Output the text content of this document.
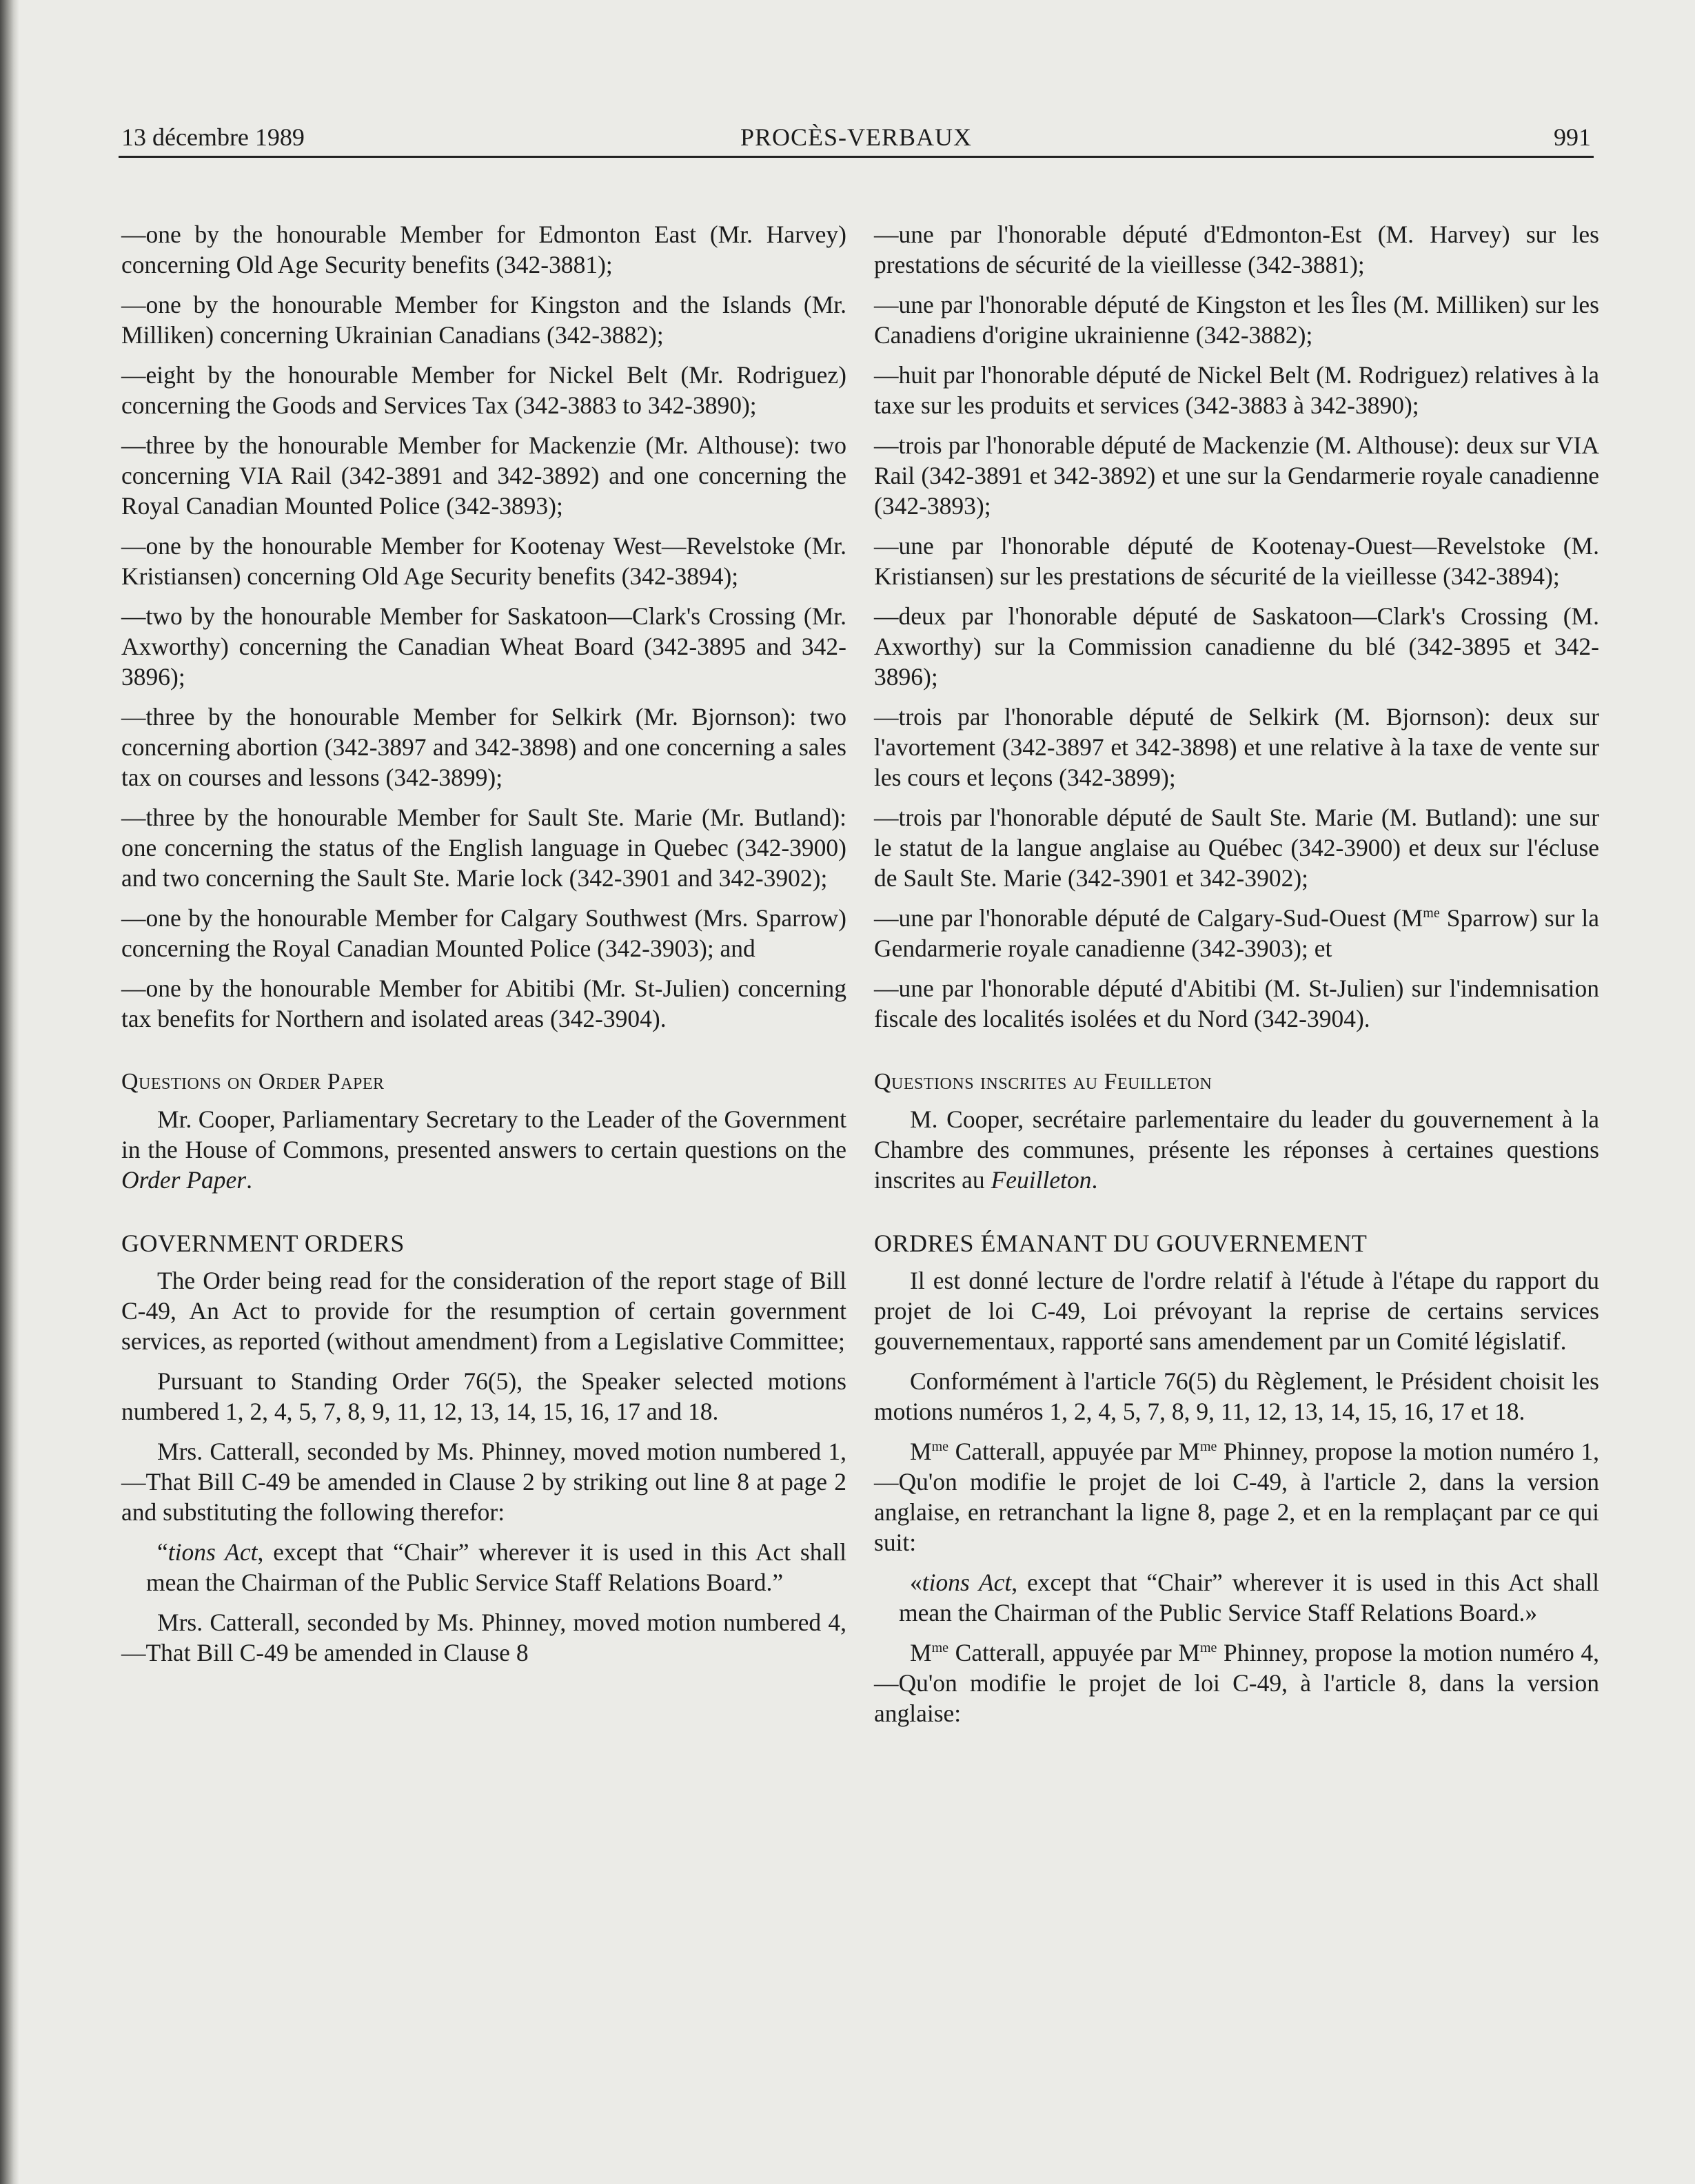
13 décembre 1989	PROCÈS-VERBAUX	991

—one by the honourable Member for Edmonton East (Mr. Harvey) concerning Old Age Security benefits (342-3881);

—one by the honourable Member for Kingston and the Islands (Mr. Milliken) concerning Ukrainian Canadians (342-3882);

—eight by the honourable Member for Nickel Belt (Mr. Rodriguez) concerning the Goods and Services Tax (342-3883 to 342-3890);

—three by the honourable Member for Mackenzie (Mr. Althouse): two concerning VIA Rail (342-3891 and 342-3892) and one concerning the Royal Canadian Mounted Police (342-3893);

—one by the honourable Member for Kootenay West—Revelstoke (Mr. Kristiansen) concerning Old Age Security benefits (342-3894);

—two by the honourable Member for Saskatoon—Clark's Crossing (Mr. Axworthy) concerning the Canadian Wheat Board (342-3895 and 342-3896);

—three by the honourable Member for Selkirk (Mr. Bjornson): two concerning abortion (342-3897 and 342-3898) and one concerning a sales tax on courses and lessons (342-3899);

—three by the honourable Member for Sault Ste. Marie (Mr. Butland): one concerning the status of the English language in Quebec (342-3900) and two concerning the Sault Ste. Marie lock (342-3901 and 342-3902);

—one by the honourable Member for Calgary Southwest (Mrs. Sparrow) concerning the Royal Canadian Mounted Police (342-3903); and

—one by the honourable Member for Abitibi (Mr. St-Julien) concerning tax benefits for Northern and isolated areas (342-3904).

Questions on Order Paper

Mr. Cooper, Parliamentary Secretary to the Leader of the Government in the House of Commons, presented answers to certain questions on the Order Paper.

GOVERNMENT ORDERS

The Order being read for the consideration of the report stage of Bill C-49, An Act to provide for the resumption of certain government services, as reported (without amendment) from a Legislative Committee;

Pursuant to Standing Order 76(5), the Speaker selected motions numbered 1, 2, 4, 5, 7, 8, 9, 11, 12, 13, 14, 15, 16, 17 and 18.

Mrs. Catterall, seconded by Ms. Phinney, moved motion numbered 1,—That Bill C-49 be amended in Clause 2 by striking out line 8 at page 2 and substituting the following therefor:

“tions Act, except that “Chair” wherever it is used in this Act shall mean the Chairman of the Public Service Staff Relations Board.”

Mrs. Catterall, seconded by Ms. Phinney, moved motion numbered 4,—That Bill C-49 be amended in Clause 8

—une par l'honorable député d'Edmonton-Est (M. Harvey) sur les prestations de sécurité de la vieillesse (342-3881);

—une par l'honorable député de Kingston et les Îles (M. Milliken) sur les Canadiens d'origine ukrainienne (342-3882);

—huit par l'honorable député de Nickel Belt (M. Rodriguez) relatives à la taxe sur les produits et services (342-3883 à 342-3890);

—trois par l'honorable député de Mackenzie (M. Althouse): deux sur VIA Rail (342-3891 et 342-3892) et une sur la Gendarmerie royale canadienne (342-3893);

—une par l'honorable député de Kootenay-Ouest—Revelstoke (M. Kristiansen) sur les prestations de sécurité de la vieillesse (342-3894);

—deux par l'honorable député de Saskatoon—Clark's Crossing (M. Axworthy) sur la Commission canadienne du blé (342-3895 et 342-3896);

—trois par l'honorable député de Selkirk (M. Bjornson): deux sur l'avortement (342-3897 et 342-3898) et une relative à la taxe de vente sur les cours et leçons (342-3899);

—trois par l'honorable député de Sault Ste. Marie (M. Butland): une sur le statut de la langue anglaise au Québec (342-3900) et deux sur l'écluse de Sault Ste. Marie (342-3901 et 342-3902);

—une par l'honorable député de Calgary-Sud-Ouest ($M^{me}$ Sparrow) sur la Gendarmerie royale canadienne (342-3903); et

—une par l'honorable député d'Abitibi (M. St-Julien) sur l'indemnisation fiscale des localités isolées et du Nord (342-3904).

Questions inscrites au Feuilleton

M. Cooper, secrétaire parlementaire du leader du gouvernement à la Chambre des communes, présente les réponses à certaines questions inscrites au Feuilleton.

ORDRES ÉMANANT DU GOUVERNEMENT

Il est donné lecture de l'ordre relatif à l'étude à l'étape du rapport du projet de loi C-49, Loi prévoyant la reprise de certains services gouvernementaux, rapporté sans amendement par un Comité législatif.

Conformément à l'article 76(5) du Règlement, le Président choisit les motions numéros 1, 2, 4, 5, 7, 8, 9, 11, 12, 13, 14, 15, 16, 17 et 18.

$M^{me}$ Catterall, appuyée par $M^{me}$ Phinney, propose la motion numéro 1,—Qu'on modifie le projet de loi C-49, à l'article 2, dans la version anglaise, en retranchant la ligne 8, page 2, et en la remplaçant par ce qui suit:

«tions Act, except that “Chair” wherever it is used in this Act shall mean the Chairman of the Public Service Staff Relations Board.»

$M^{me}$ Catterall, appuyée par $M^{me}$ Phinney, propose la motion numéro 4,—Qu'on modifie le projet de loi C-49, à l'article 8, dans la version anglaise:
